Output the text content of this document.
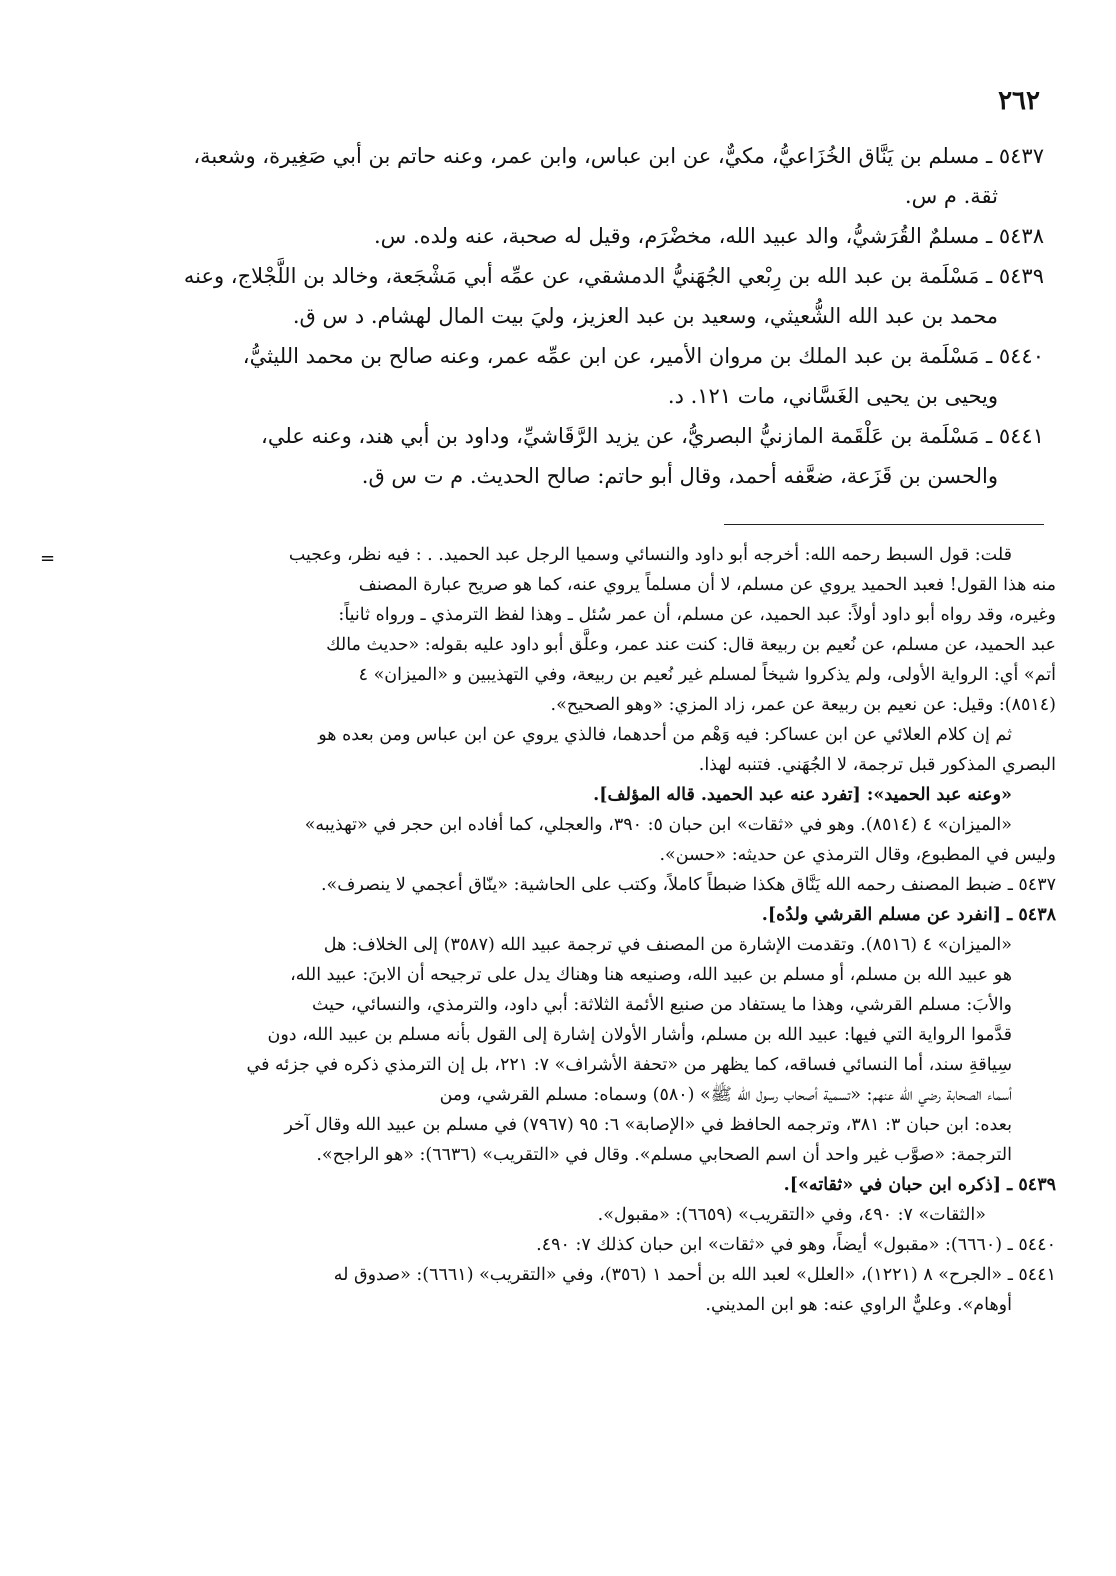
٢٦٢
٥٤٣٧ ـ مسلم بن يَنَّاق الخُزَاعيُّ، مكيٌّ، عن ابن عباس، وابن عمر، وعنه حاتم بن أبي صَغِيرة، وشعبة،
ثقة. م س.
٥٤٣٨ ـ مسلمٌ القُرَشيُّ، والد عبيد الله، مخضْرَم، وقيل له صحبة، عنه ولده. س.
٥٤٣٩ ـ مَسْلَمة بن عبد الله بن رِبْعي الجُهَنيُّ الدمشقي، عن عمِّه أبي مَشْجَعة، وخالد بن اللَّجْلاج، وعنه
محمد بن عبد الله الشُّعيثي، وسعيد بن عبد العزيز، وليَ بيت المال لهشام. د س ق.
٥٤٤٠ ـ مَسْلَمة بن عبد الملك بن مروان الأمير، عن ابن عمِّه عمر، وعنه صالح بن محمد الليثيُّ،
ويحيى بن يحيى الغَسَّاني، مات ١٢١. د.
٥٤٤١ ـ مَسْلَمة بن عَلْقَمة المازنيُّ البصريُّ، عن يزيد الرَّقَاشيِّ، وداود بن أبي هند، وعنه علي،
والحسن بن قَزَعة، ضعَّفه أحمد، وقال أبو حاتم: صالح الحديث. م ت س ق.
=	قلت: قول السبط رحمه الله: أخرجه أبو داود والنسائي وسميا الرجل عبد الحميد. . : فيه نظر، وعجيب

منه هذا القول! فعبد الحميد يروي عن مسلم، لا أن مسلماً يروي عنه، كما هو صريح عبارة المصنف

وغيره، وقد رواه أبو داود أولاً: عبد الحميد، عن مسلم، أن عمر سُئل ـ وهذا لفظ الترمذي ـ ورواه ثانياً:

عبد الحميد، عن مسلم، عن نُعيم بن ربيعة قال: كنت عند عمر، وعلَّق أبو داود عليه بقوله: «حديث مالك

أتم» أي: الرواية الأولى، ولم يذكروا شيخاً لمسلم غير نُعيم بن ربيعة، وفي التهذيبين و «الميزان» ٤

(٨٥١٤): وقيل: عن نعيم بن ربيعة عن عمر، زاد المزي: «وهو الصحيح».

ثم إن كلام العلائي عن ابن عساكر: فيه وَهْم من أحدهما، فالذي يروي عن ابن عباس ومن بعده هو

البصري المذكور قبل ترجمة، لا الجُهَني. فتنبه لهذا.

«وعنه عبد الحميد»: [تفرد عنه عبد الحميد. قاله المؤلف].

«الميزان» ٤ (٨٥١٤). وهو في «ثقات» ابن حبان ٥: ٣٩٠، والعجلي، كما أفاده ابن حجر في «تهذيبه»

وليس في المطبوع، وقال الترمذي عن حديثه: «حسن».

٥٤٣٧ ـ ضبط المصنف رحمه الله يَنَّاق هكذا ضبطاً كاملاً، وكتب على الحاشية: «ينّاق أعجمي لا ينصرف».

٥٤٣٨ ـ [انفرد عن مسلم القرشي ولدُه].

«الميزان» ٤ (٨٥١٦). وتقدمت الإشارة من المصنف في ترجمة عبيد الله (٣٥٨٧) إلى الخلاف: هل

هو عبيد الله بن مسلم، أو مسلم بن عبيد الله، وصنيعه هنا وهناك يدل على ترجيحه أن الابنَ: عبيد الله،

والأبَ: مسلم القرشي، وهذا ما يستفاد من صنيع الأئمة الثلاثة: أبي داود، والترمذي، والنسائي، حيث

قدَّموا الرواية التي فيها: عبيد الله بن مسلم، وأشار الأولان إشارة إلى القول بأنه مسلم بن عبيد الله، دون

سِياقةِ سند، أما النسائي فساقه، كما يظهر من «تحفة الأشراف» ٧: ٢٢١، بل إن الترمذي ذكره في جزئه في

أسماء الصحابة رضي الله عنهم: «تسمية أصحاب رسول الله ﷺ» (٥٨٠) وسماه: مسلم القرشي، ومن

بعده: ابن حبان ٣: ٣٨١، وترجمه الحافظ في «الإصابة» ٦: ٩٥ (٧٩٦٧) في مسلم بن عبيد الله وقال آخر

الترجمة: «صوَّب غير واحد أن اسم الصحابي مسلم». وقال في «التقريب» (٦٦٣٦): «هو الراجح».

٥٤٣٩ ـ [ذكره ابن حبان في «ثقاته»].

«الثقات» ٧: ٤٩٠، وفي «التقريب» (٦٦٥٩): «مقبول».

٥٤٤٠ ـ (٦٦٦٠): «مقبول» أيضاً، وهو في «ثقات» ابن حبان كذلك ٧: ٤٩٠.

٥٤٤١ ـ «الجرح» ٨ (١٢٢١)، «العلل» لعبد الله بن أحمد ١ (٣٥٦)، وفي «التقريب» (٦٦٦١): «صدوق له

أوهام». وعليٌّ الراوي عنه: هو ابن المديني.
